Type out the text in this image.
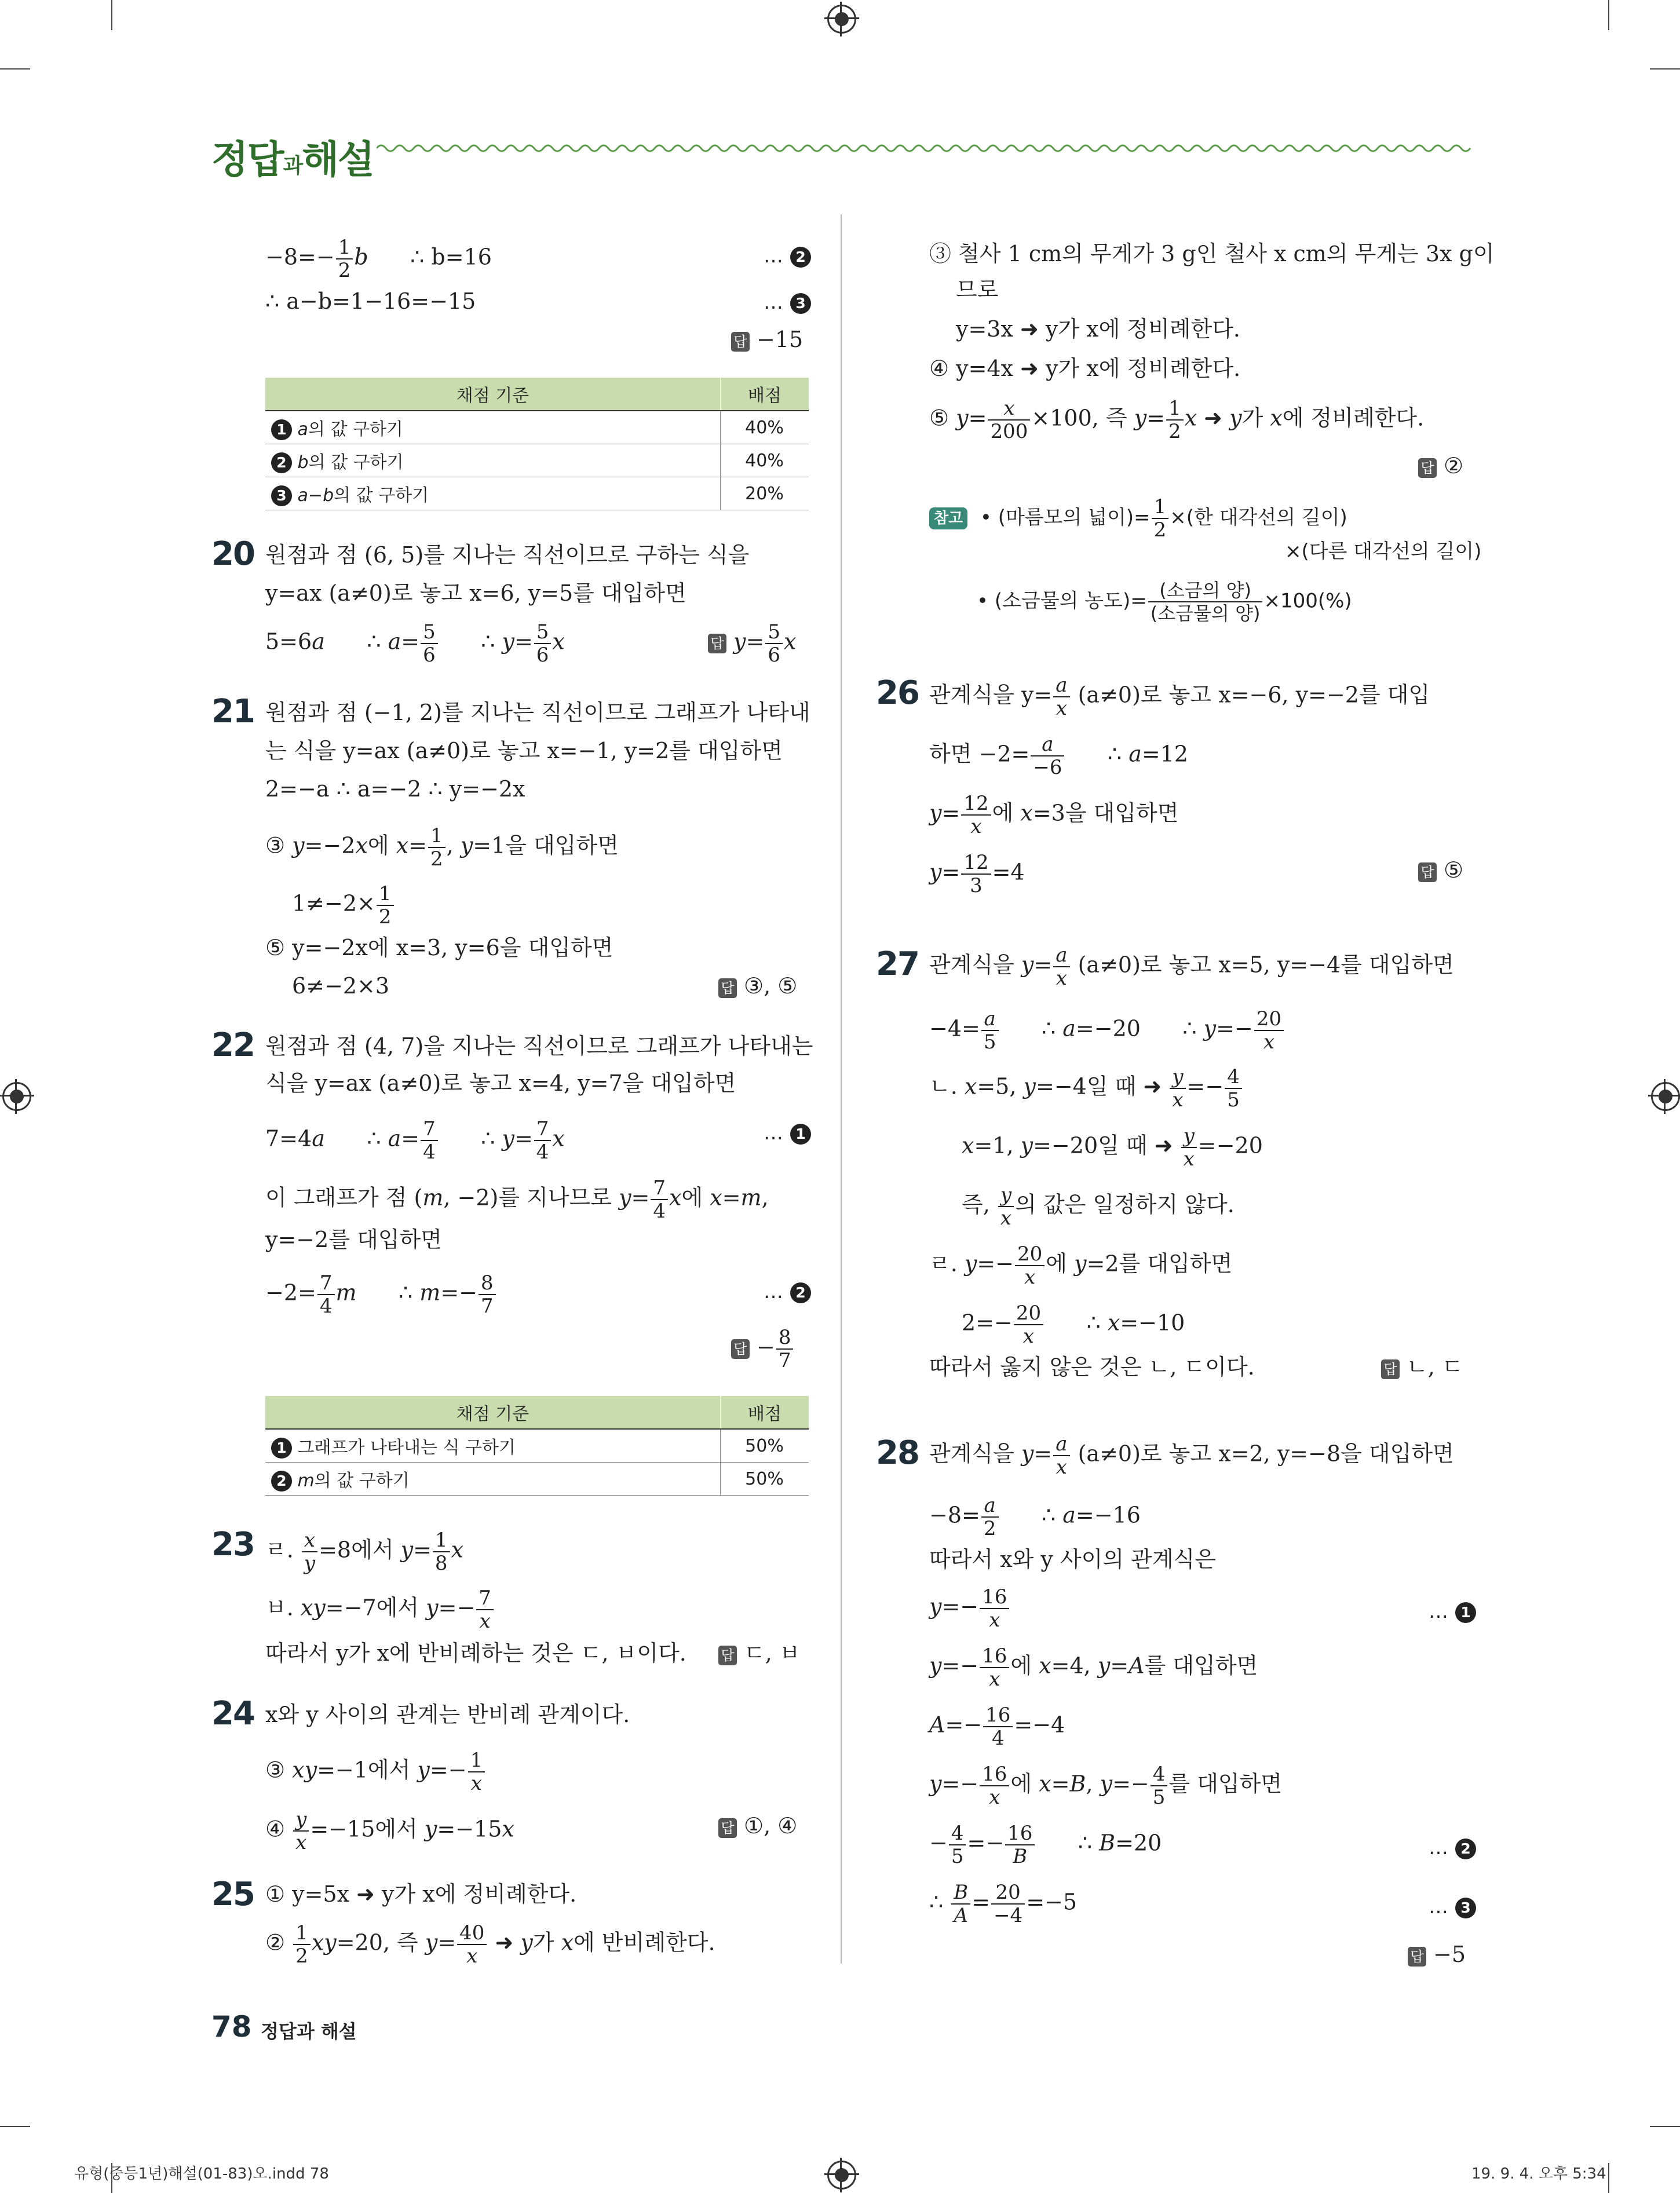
정답과해설
$-8=- \frac{1}{2}$ b ∴ b=16	… 2
∴ a−b=1−16=−15	… 3
답 −15
채점 기준	배점
1 a의 값 구하기	40%
2 b의 값 구하기	40%
3 a−b의 값 구하기	20%
20 원점과 점 (6, 5)를 지나는 직선이므로 구하는 식을
y=ax (a≠0)로 놓고 x=6, y=5를 대입하면
5=6a      ∴ $a= \frac{5}{6}$ ∴ $y= \frac{5}{6}$ x	답 $y= \frac{5}{6}$ x
21 원점과 점 (−1, 2)를 지나는 직선이므로 그래프가 나타내
는 식을 y=ax (a≠0)로 놓고 x=−1, y=2를 대입하면
2=−a ∴ a=−2 ∴ y=−2x
③ y=−2x에 $x= \frac{1}{2}$ , y=1을 대입하면
$1\ne-2\times \frac{1}{2}$
⑤ y=−2x에 x=3, y=6을 대입하면
6≠−2×3	답 ③, ⑤
22 원점과 점 (4, 7)을 지나는 직선이므로 그래프가 나타내는
식을 y=ax (a≠0)로 놓고 x=4, y=7을 대입하면
7=4a      ∴ $a= \frac{7}{4}$ ∴ $y= \frac{7}{4}$ x	… 1
이 그래프가 점 (m, −2)를 지나므로 $y= \frac{7}{4}$ x에 x=m,
y=−2를 대입하면
$-2= \frac{7}{4}$ m      ∴ $m=- \frac{8}{7}$	… 2
답 − $\frac{8}{7}$
채점 기준	배점
1 그래프가 나타내는 식 구하기	50%
2 m의 값 구하기	50%
23 ㄹ. $\frac{x}{y} =8$에서 $y= \frac{1}{8}$ x
ㅂ. xy=−7에서 $y=- \frac{7}{x}$
따라서 y가 x에 반비례하는 것은 ㄷ, ㅂ이다. 답 ㄷ, ㅂ
24 x와 y 사이의 관계는 반비례 관계이다.
③ xy=−1에서 $y=- \frac{1}{x}$
④ $\frac{y}{x} =-15$에서 y=−15x	답 ①, ④
25 ① y=5x ➜ y가 x에 정비례한다.
② $\frac{1}{2} xy=20$, 즉 $y= \frac{40}{x}$ ➜ y가 x에 반비례한다.
③ 철사 1 cm의 무게가 3 g인 철사 x cm의 무게는 3x g이
므로
y=3x ➜ y가 x에 정비례한다.
④ y=4x ➜ y가 x에 정비례한다.
⑤ $y= \frac{x}{200} \times 100$, 즉 $y= \frac{1}{2}$ x ➜ y가 x에 정비례한다.
답 ②
참고 • (마름모의 넓이)= $\frac{1}{2}$ ×(한 대각선의 길이)
×(다른 대각선의 길이)
• (소금물의 농도)= $\frac{\text{(소금의 양)}}{\text{(소금물의 양)}} \times 100(\%)$
26 관계식을 $y= \frac{a}{x} (a\ne 0)$로 놓고 x=−6, y=−2를 대입
하면 $-2= \frac{a}{-6}$ ∴ a=12
$y= \frac{12}{x}$ 에 x=3을 대입하면
$y= \frac{12}{3} =4$	답 ⑤
27 관계식을 $y= \frac{a}{x} (a\ne 0)$로 놓고 x=5, y=−4를 대입하면
$-4= \frac{a}{5}$ ∴ a=−20      ∴ $y=- \frac{20}{x}$
ㄴ. x=5, y=−4일 때 ➜ $\frac{y}{x} =- \frac{4}{5}$
x=1, y=−20일 때 ➜ $\frac{y}{x} =-20$
즉, $\frac{y}{x}$ 의 값은 일정하지 않다.
ㄹ. $y=- \frac{20}{x}$ 에 y=2를 대입하면
$2=- \frac{20}{x}$ ∴ x=−10
따라서 옳지 않은 것은 ㄴ, ㄷ이다.	답 ㄴ, ㄷ
28 관계식을 $y= \frac{a}{x} (a\ne 0)$로 놓고 x=2, y=−8을 대입하면
$-8= \frac{a}{2}$ ∴ a=−16
따라서 x와 y 사이의 관계식은
$y=- \frac{16}{x}$	… 1
$y=- \frac{16}{x}$ 에 x=4, y=A를 대입하면
$A=- \frac{16}{4} =-4$
$y=- \frac{16}{x}$ 에 x=B, $y=- \frac{4}{5}$ 를 대입하면
− $\frac{4}{5} =- \frac{16}{B}$ ∴ B=20	… 2
∴ $\frac{B}{A} = \frac{20}{-4} =-5$	… 3
답 −5
78 정답과 해설
유형(중등1년)해설(01-83)오.indd 78	19. 9. 4. 오후 5:34
